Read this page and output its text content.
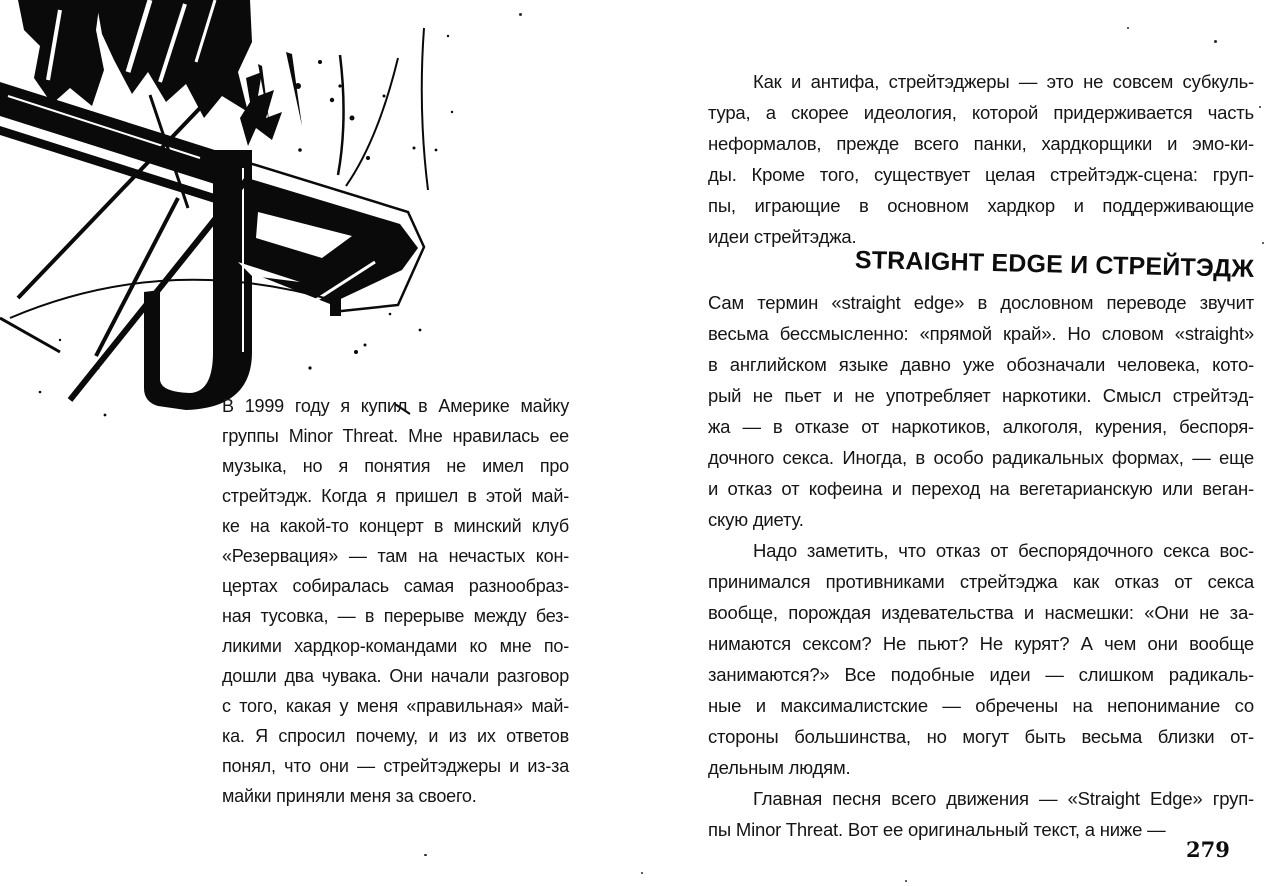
В 1999 году я купил в Америке майку
группы Minor Threat. Мне нравилась ее
музыка, но я понятия не имел про
стрейтэдж. Когда я пришел в этой май-
ке на какой-то концерт в минский клуб
«Резервация» — там на нечастых кон-
цертах собиралась самая разнообраз-
ная тусовка, — в перерыве между без-
ликими хардкор-командами ко мне по-
дошли два чувака. Они начали разговор
с того, какая у меня «правильная» май-
ка. Я спросил почему, и из их ответов
понял, что они — стрейтэджеры и из-за
майки приняли меня за своего.
Как и антифа, стрейтэджеры — это не совсем субкуль-
тура, а скорее идеология, которой придерживается часть
неформалов, прежде всего панки, хардкорщики и эмо-ки-
ды. Кроме того, существует целая стрейтэдж-сцена: груп-
пы, играющие в основном хардкор и поддерживающие
идеи стрейтэджа.
STRAIGHT EDGE И СТРЕЙТЭДЖ
Сам термин «straight edge» в дословном переводе звучит
весьма бессмысленно: «прямой край». Но словом «straight»
в английском языке давно уже обозначали человека, кото-
рый не пьет и не употребляет наркотики. Смысл стрейтэд-
жа — в отказе от наркотиков, алкоголя, курения, беспоря-
дочного секса. Иногда, в особо радикальных формах, — еще
и отказ от кофеина и переход на вегетарианскую или веган-
скую диету.
Надо заметить, что отказ от беспорядочного секса вос-
принимался противниками стрейтэджа как отказ от секса
вообще, порождая издевательства и насмешки: «Они не за-
нимаются сексом? Не пьют? Не курят? А чем они вообще
занимаются?» Все подобные идеи — слишком радикаль-
ные и максималистские — обречены на непонимание со
стороны большинства, но могут быть весьма близки от-
дельным людям.
Главная песня всего движения — «Straight Edge» груп-
пы Minor Threat. Вот ее оригинальный текст, а ниже —
279
